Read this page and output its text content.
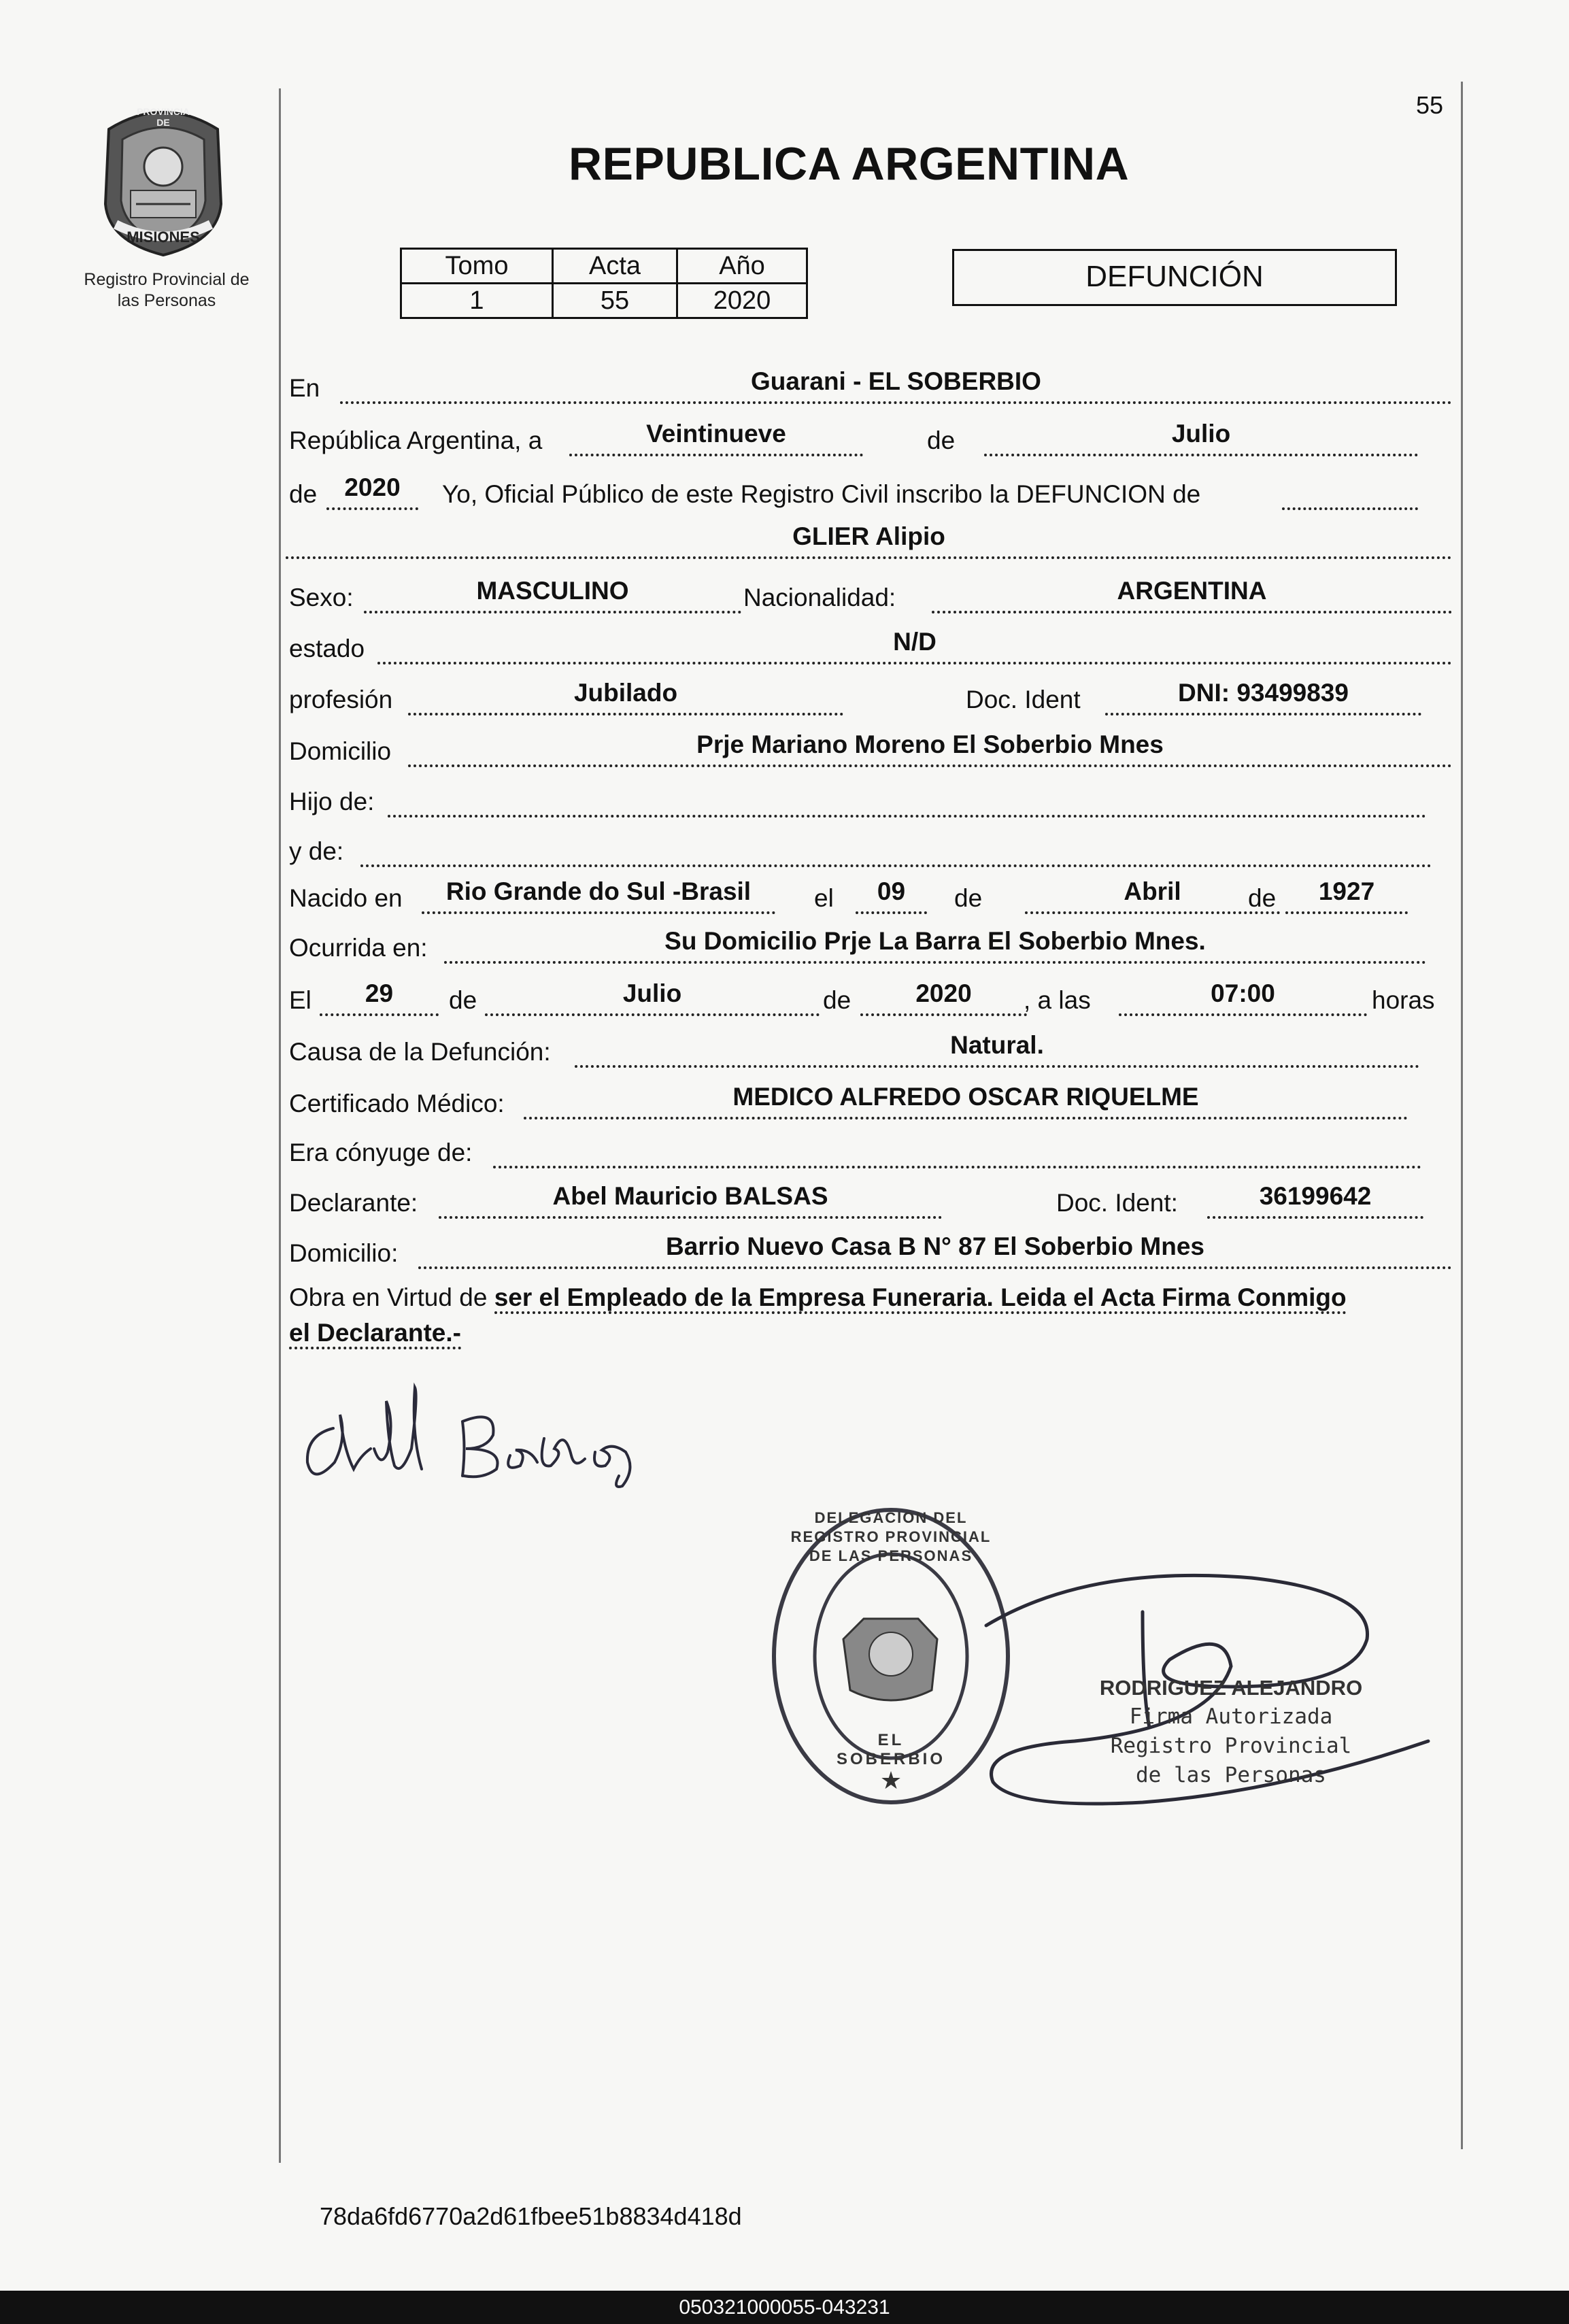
PROVINCIA DE
MISIONES
Registro Provincial de
las Personas
55
REPUBLICA ARGENTINA
Tomo	Acta	Año
1	55	2020
DEFUNCIÓN
En	Guarani - EL SOBERBIO
República Argentina, a	Veintinueve	de	Julio
de	2020	Yo, Oficial Público de este Registro Civil inscribo la DEFUNCION de
GLIER Alipio
Sexo:	MASCULINO	Nacionalidad:	ARGENTINA
estado	N/D
profesión	Jubilado	Doc. Ident	DNI: 93499839
Domicilio	Prje Mariano Moreno El Soberbio Mnes
Hijo de:
y de:
Nacido en	Rio Grande do Sul -Brasil	el	09	de	Abril	de	1927
Ocurrida en:	Su Domicilio Prje La Barra El Soberbio Mnes.
El	29	de	Julio	de	2020	, a las	07:00	horas
Causa de la Defunción:	Natural.
Certificado Médico:	MEDICO ALFREDO OSCAR RIQUELME
Era cónyuge de:
Declarante:	Abel Mauricio BALSAS	Doc. Ident:	36199642
Domicilio:	Barrio Nuevo Casa B N° 87 El Soberbio Mnes
Obra en Virtud de ser el Empleado de la Empresa Funeraria. Leida el Acta Firma Conmigo
el Declarante.-
★
DELEGACION DEL REGISTRO PROVINCIAL DE LAS PERSONAS
EL SOBERBIO
RODRIGUEZ ALEJANDRO
Firma Autorizada
Registro Provincial
de las Personas
78da6fd6770a2d61fbee51b8834d418d
050321000055-043231
